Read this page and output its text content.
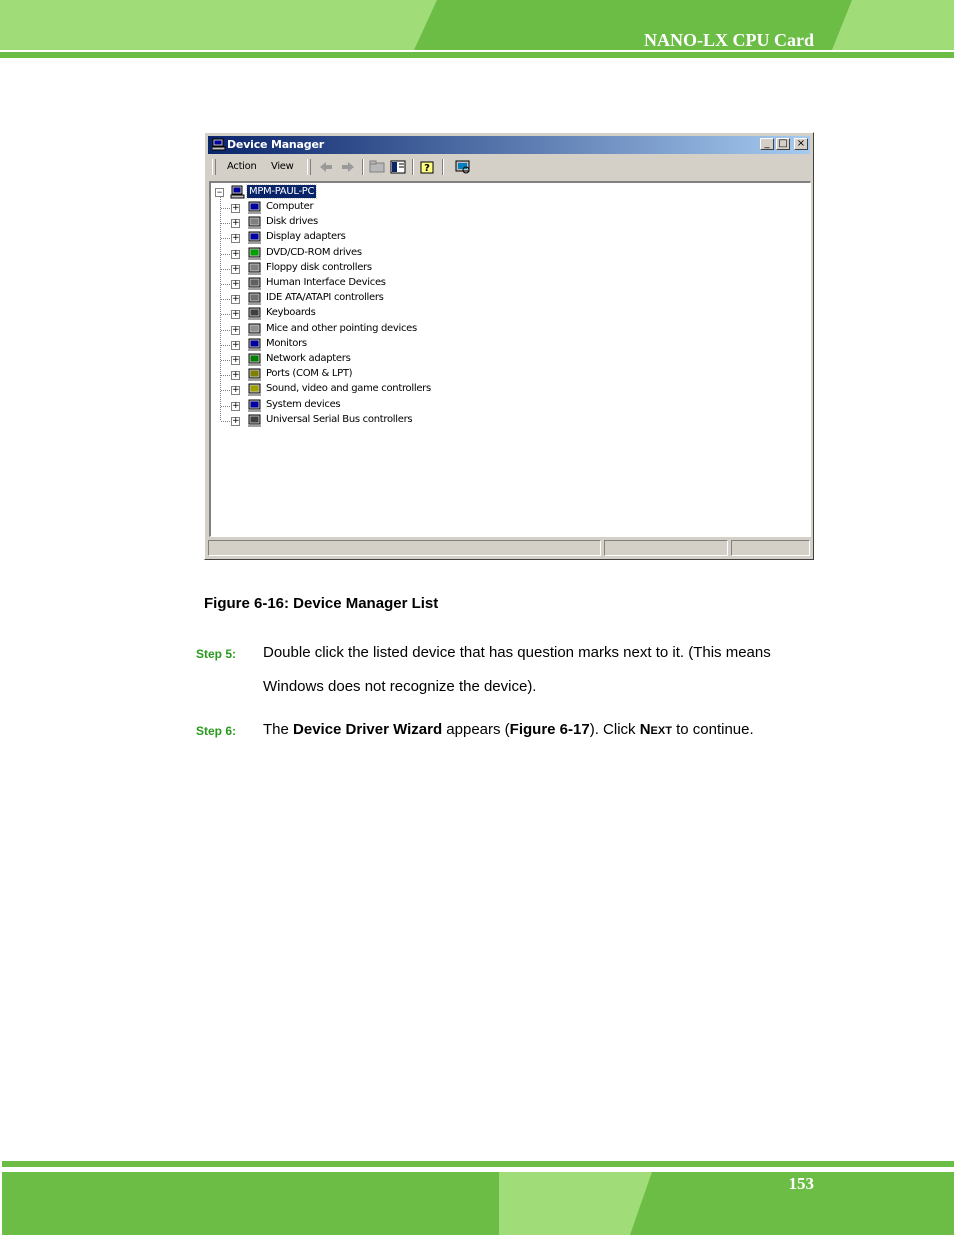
NANO-LX CPU Card
Device Manager	_ □ ×
Action View	?
−	MPM-PAUL-PC
+	Computer
+	Disk drives
+	Display adapters
+	DVD/CD-ROM drives
+	Floppy disk controllers
+	Human Interface Devices
+	IDE ATA/ATAPI controllers
+	Keyboards
+	Mice and other pointing devices
+	Monitors
+	Network adapters
+	Ports (COM & LPT)
+	Sound, video and game controllers
+	System devices
+	Universal Serial Bus controllers
Figure 6-16: Device Manager List
Step 5: Double click the listed device that has question marks next to it. (This means Windows does not recognize the device).
Step 6: The Device Driver Wizard appears (Figure 6-17). Click Next to continue.
153
